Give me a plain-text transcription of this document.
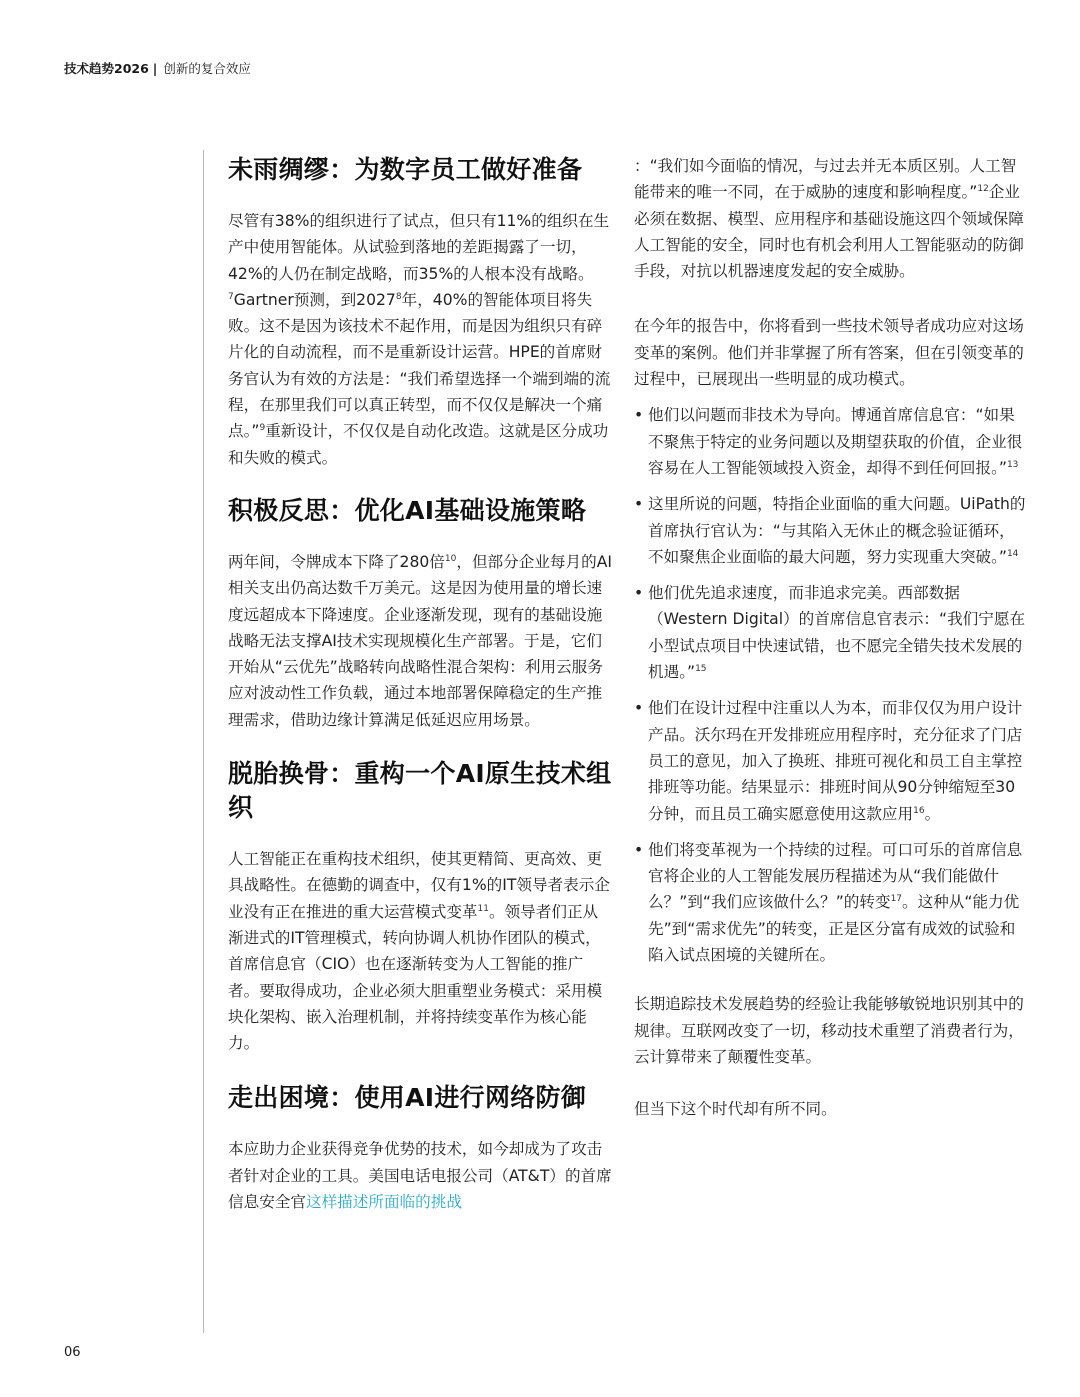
技术趋势2026 | 创新的复合效应
未雨绸缪：为数字员工做好准备

尽管有38%的组织进行了试点，但只有11%的组织在生产中使用智能体。从试验到落地的差距揭露了一切， 42%的人仍在制定战略，而35%的人根本没有战略。$^7$Gartner预测，到2027$^8$年，40%的智能体项目将失败。这不是因为该技术不起作用，而是因为组织只有碎片化的自动流程，而不是重新设计运营。HPE的首席财务官认为有效的方法是：“我们希望选择一个端到端的流程，在那里我们可以真正转型，而不仅仅是解决一个痛点。”$^9$重新设计，不仅仅是自动化改造。这就是区分成功和失败的模式。

积极反思：优化AI基础设施策略

两年间，令牌成本下降了280倍$^{10}$，但部分企业每月的AI相关支出仍高达数千万美元。这是因为使用量的增长速度远超成本下降速度。企业逐渐发现，现有的基础设施战略无法支撑AI技术实现规模化生产部署。于是，它们开始从“云优先”战略转向战略性混合架构：利用云服务应对波动性工作负载，通过本地部署保障稳定的生产推理需求，借助边缘计算满足低延迟应用场景。

脱胎换骨：重构一个AI原生技术组织

人工智能正在重构技术组织，使其更精简、更高效、更具战略性。在德勤的调查中，仅有1%的IT领导者表示企业没有正在推进的重大运营模式变革$^{11}$。领导者们正从渐进式的IT管理模式，转向协调人机协作团队的模式，首席信息官（CIO）也在逐渐转变为人工智能的推广者。要取得成功，企业必须大胆重塑业务模式：采用模块化架构、嵌入治理机制，并将持续变革作为核心能力。

走出困境：使用AI进行网络防御

本应助力企业获得竞争优势的技术，如今却成为了攻击者针对企业的工具。美国电话电报公司（AT&T）的首席信息安全官这样描述所面临的挑战

：“我们如今面临的情况，与过去并无本质区别。人工智能带来的唯一不同，在于威胁的速度和影响程度。”$^{12}$企业必须在数据、模型、应用程序和基础设施这四个领域保障人工智能的安全，同时也有机会利用人工智能驱动的防御手段，对抗以机器速度发起的安全威胁。

在今年的报告中，你将看到一些技术领导者成功应对这场变革的案例。他们并非掌握了所有答案，但在引领变革的过程中，已展现出一些明显的成功模式。

• 他们以问题而非技术为导向。博通首席信息官：“如果不聚焦于特定的业务问题以及期望获取的价值，企业很容易在人工智能领域投入资金，却得不到任何回报。”$^{13}$
• 这里所说的问题，特指企业面临的重大问题。UiPath的首席执行官认为：“与其陷入无休止的概念验证循环，不如聚焦企业面临的最大问题，努力实现重大突破。”$^{14}$
• 他们优先追求速度，而非追求完美。西部数据（Western Digital）的首席信息官表示：“我们宁愿在小型试点项目中快速试错，也不愿完全错失技术发展的机遇。”$^{15}$
• 他们在设计过程中注重以人为本，而非仅仅为用户设计产品。沃尔玛在开发排班应用程序时，充分征求了门店员工的意见，加入了换班、排班可视化和员工自主掌控排班等功能。结果显示：排班时间从90分钟缩短至30分钟，而且员工确实愿意使用这款应用$^{16}$。
• 他们将变革视为一个持续的过程。可口可乐的首席信息官将企业的人工智能发展历程描述为从“我们能做什么？”到“我们应该做什么？”的转变$^{17}$。这种从“能力优先”到“需求优先”的转变，正是区分富有成效的试验和陷入试点困境的关键所在。

长期追踪技术发展趋势的经验让我能够敏锐地识别其中的规律。互联网改变了一切，移动技术重塑了消费者行为，云计算带来了颠覆性变革。

但当下这个时代却有所不同。

06
